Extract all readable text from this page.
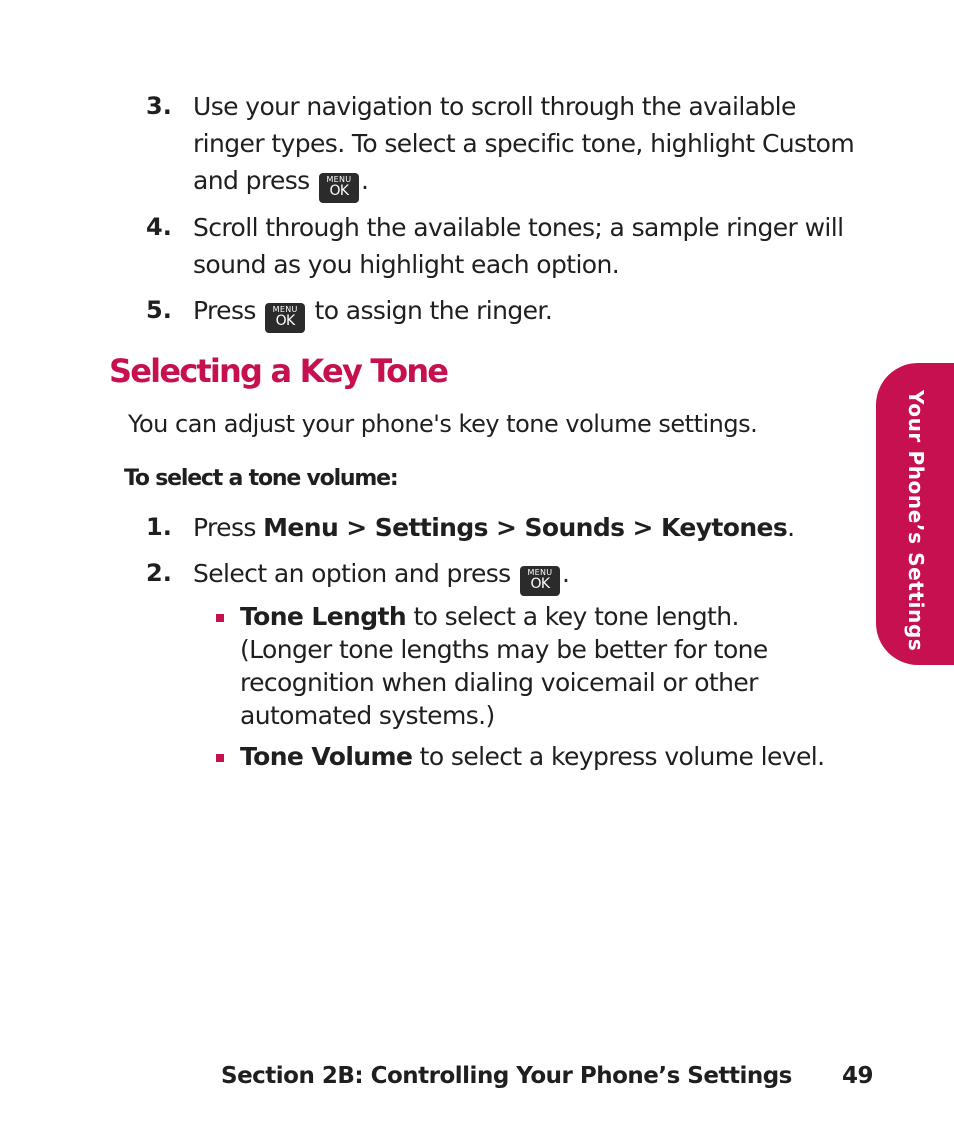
3. Use your navigation to scroll through the available
ringer types. To select a specific tone, highlight Custom
and press	MENU
OK .
4. Scroll through the available tones; a sample ringer will
sound as you highlight each option.
5. Press	MENU
OK to assign the ringer.
Selecting a Key Tone
You can adjust your phone's key tone volume settings.
To select a tone volume:
1. Press Menu > Settings > Sounds > Keytones.
2. Select an option and press	MENU
OK .
Tone Length to select a key tone length.(Longer tone lengths may be better for tone recognition when dialing voicemail or other automated systems.)
Tone Volume to select a keypress volume level.
Your Phone’s Settings
Section 2B: Controlling Your Phone’s Settings 49
